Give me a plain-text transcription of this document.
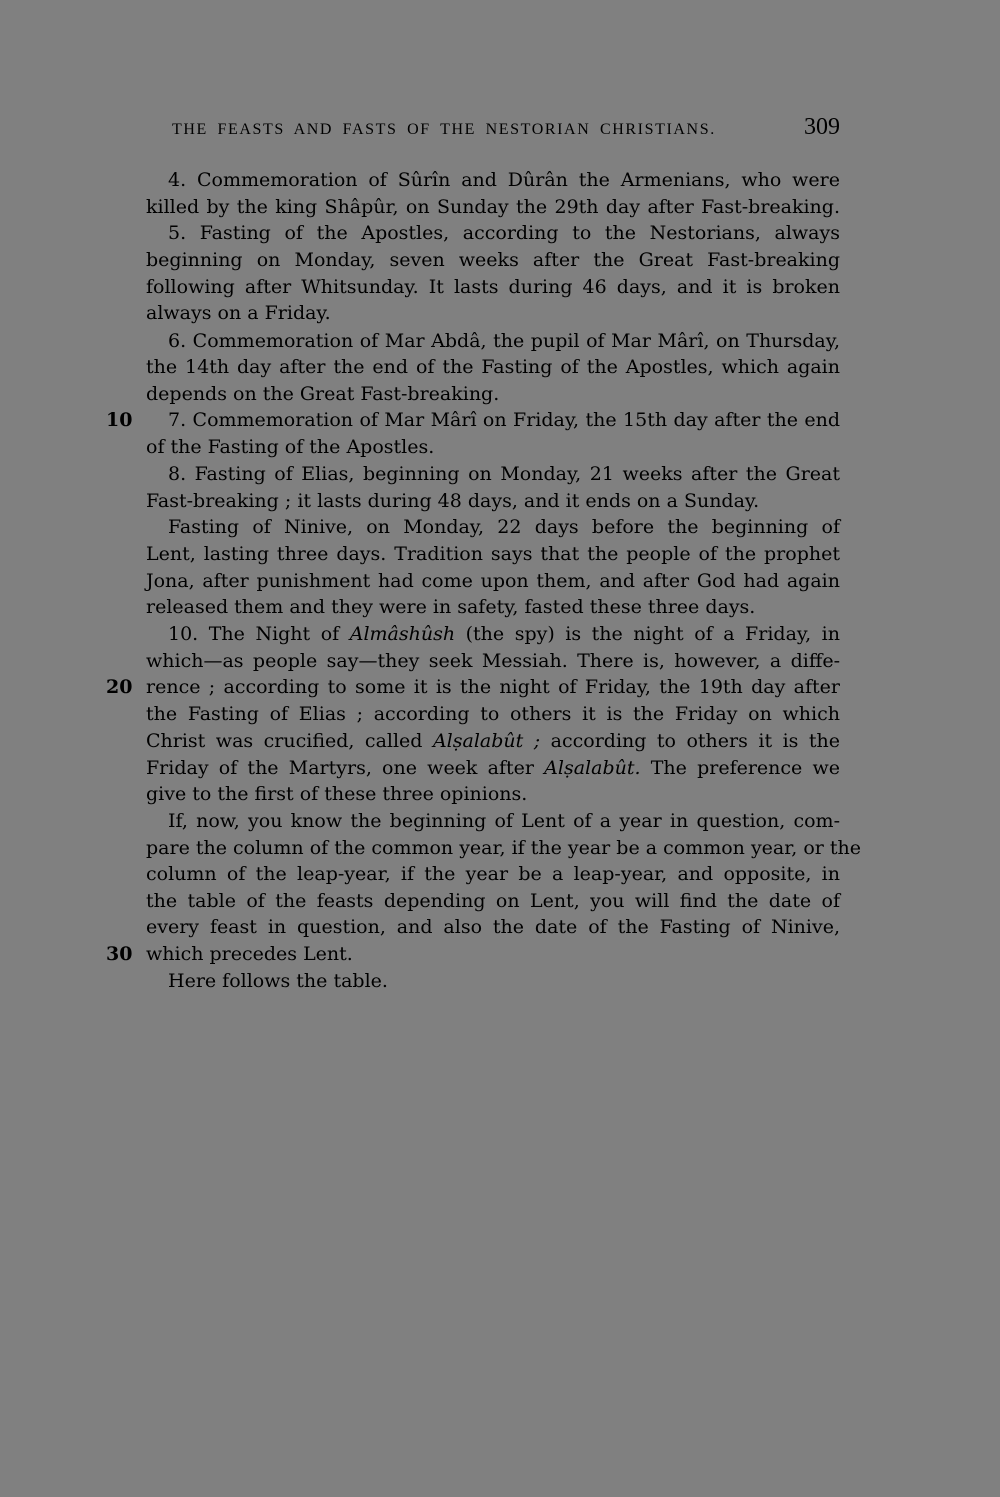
THE FEASTS AND FASTS OF THE NESTORIAN CHRISTIANS.	309
10
20
30
4. Commemoration of Sûrîn and Dûrân the Armenians, who were
killed by the king Shâpûr, on Sunday the 29th day after Fast-breaking.
5. Fasting of the Apostles, according to the Nestorians, always
beginning on Monday, seven weeks after the Great Fast-breaking
following after Whitsunday. It lasts during 46 days, and it is broken
always on a Friday.
6. Commemoration of Mar Abdâ, the pupil of Mar Mârî, on Thursday,
the 14th day after the end of the Fasting of the Apostles, which again
depends on the Great Fast-breaking.
7. Commemoration of Mar Mârî on Friday, the 15th day after the end
of the Fasting of the Apostles.
8. Fasting of Elias, beginning on Monday, 21 weeks after the Great
Fast-breaking ; it lasts during 48 days, and it ends on a Sunday.
Fasting of Ninive, on Monday, 22 days before the beginning of
Lent, lasting three days. Tradition says that the people of the prophet
Jona, after punishment had come upon them, and after God had again
released them and they were in safety, fasted these three days.
10. The Night of Almâshûsh (the spy) is the night of a Friday, in
which—as people say—they seek Messiah. There is, however, a diffe-
rence ; according to some it is the night of Friday, the 19th day after
the Fasting of Elias ; according to others it is the Friday on which
Christ was crucified, called Alṣalabût ; according to others it is the
Friday of the Martyrs, one week after Alṣalabût. The preference we
give to the first of these three opinions.
If, now, you know the beginning of Lent of a year in question, com-
pare the column of the common year, if the year be a common year, or the
column of the leap-year, if the year be a leap-year, and opposite, in
the table of the feasts depending on Lent, you will find the date of
every feast in question, and also the date of the Fasting of Ninive,
which precedes Lent.
Here follows the table.
